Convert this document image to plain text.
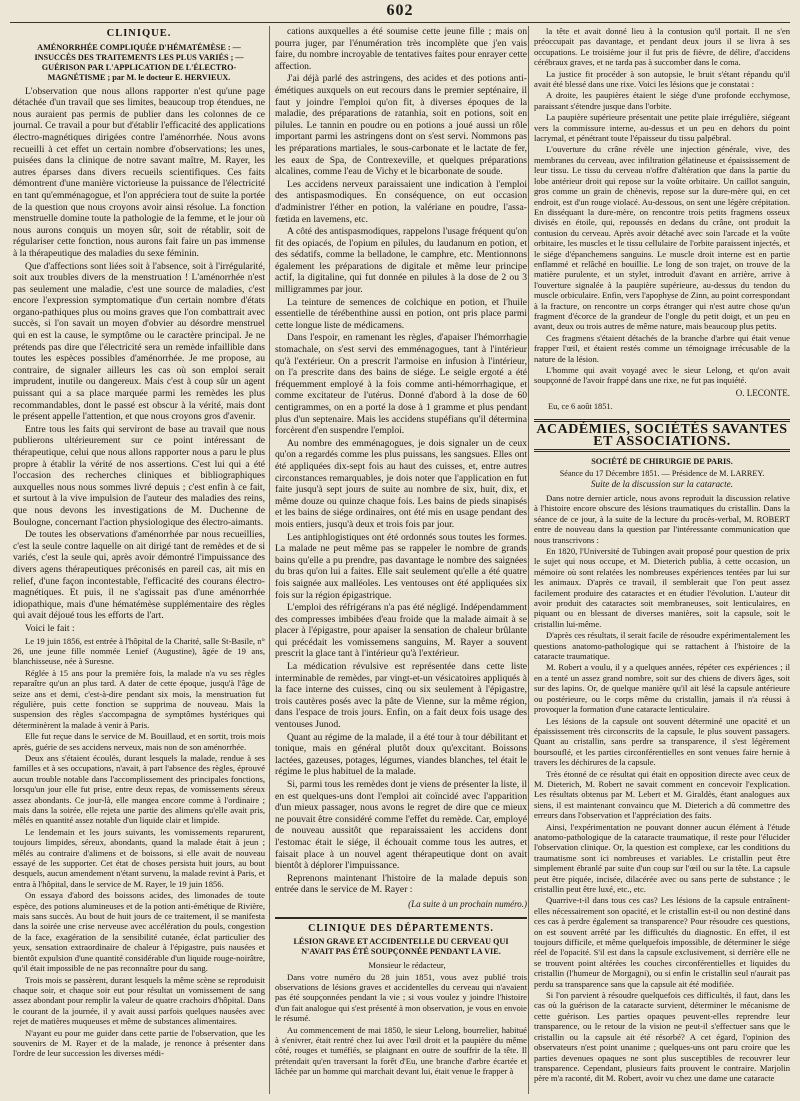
602
CLINIQUE.
AMÉNORRHÉE COMPLIQUÉE D'HÉMATÉMÈSE : — INSUCCÈS DES TRAITEMENTS LES PLUS VARIÉS ; — GUÉRISON PAR L'APPLICATION DE L'ÉLECTRO-MAGNÉTISME ; par M. le docteur E. HERVIEUX.

L'observation que nous allons rapporter n'est qu'une page détachée d'un travail que ses limites, beaucoup trop étendues, ne nous auraient pas permis de publier dans les colonnes de ce journal. Ce travail a pour but d'établir l'efficacité des applications électro-magnétiques dirigées contre l'aménorrhée. Nous avons recueilli à cet effet un certain nombre d'observations; les unes, puisées dans la clinique de notre savant maître, M. Rayer, les autres éparses dans divers recueils scientifiques. Ces faits démontrent d'une manière victorieuse la puissance de l'électricité en tant qu'emménagogue, et l'on appréciera tout de suite la portée de la question que nous croyons avoir ainsi résolue. La fonction menstruelle domine toute la pathologie de la femme, et le jour où nous aurons conquis un moyen sûr, soit de rétablir, soit de régulariser cette fonction, nous aurons fait faire un pas immense à la thérapeutique des maladies du sexe féminin.

Que d'affections sont liées soit à l'absence, soit à l'irrégularité, soit aux troubles divers de la menstruation ! L'aménorrhée n'est pas seulement une maladie, c'est une source de maladies, c'est encore l'expression symptomatique d'un certain nombre d'états organo-pathiques plus ou moins graves que l'on combattrait avec succès, si l'on savait un moyen d'obvier au désordre menstruel qui en est la cause, le symptôme ou le caractère principal. Je ne prétends pas dire que l'électricité sera un remède infaillible dans toutes les espèces possibles d'aménorrhée. Je me propose, au contraire, de signaler ailleurs les cas où son emploi serait imprudent, inutile ou dangereux. Mais c'est à coup sûr un agent puissant qui a sa place marquée parmi les remèdes les plus recommandables, dont le passé est obscur à la vérité, mais dont le présent appelle l'attention, et que nous croyons gros d'avenir.

Entre tous les faits qui serviront de base au travail que nous publierons ultérieurement sur ce point intéressant de thérapeutique, celui que nous allons rapporter nous a paru le plus propre à établir la vérité de nos assertions. C'est lui qui a été l'occasion des recherches cliniques et bibliographiques auxquelles nous nous sommes livré depuis ; c'est enfin à ce fait, et surtout à la vive impulsion de l'auteur des maladies des reins, que nous devons les investigations de M. Duchenne de Boulogne, concernant l'action physiologique des électro-aimants.

De toutes les observations d'aménorrhée par nous recueillies, c'est la seule contre laquelle on ait dirigé tant de remèdes et de si variés, c'est la seule qui, après avoir démontré l'impuissance des divers agens thérapeutiques préconisés en pareil cas, ait mis en relief, d'une façon incontestable, l'efficacité des courans électro-magnétiques. Et puis, il ne s'agissait pas d'une aménorrhée idiopathique, mais d'une hématémèse supplémentaire des règles qui avait déjoué tous les efforts de l'art.

Voici le fait :

Le 19 juin 1856, est entrée à l'hôpital de la Charité, salle St-Basile, n° 26, une jeune fille nommée Lenief (Augustine), âgée de 19 ans, blanchisseuse, née à Suresne.

Réglée à 15 ans pour la première fois, la malade n'a vu ses règles reparaître qu'un an plus tard. A dater de cette époque, jusqu'à l'âge de seize ans et demi, c'est-à-dire pendant six mois, la menstruation fut régulière, puis cette fonction se supprima de nouveau. Mais la suspension des règles s'accompagna de symptômes hystériques qui déterminèrent la malade à venir à Paris.

Elle fut reçue dans le service de M. Bouillaud, et en sortit, trois mois après, guérie de ses accidens nerveux, mais non de son aménorrhée.

Deux ans s'étaient écoulés, durant lesquels la malade, rendue à ses familles et à ses occupations, n'avait, à part l'absence des règles, éprouvé aucun trouble notable dans l'accomplissement des principales fonctions, lorsqu'un jour elle fut prise, entre deux repas, de vomissements séreux assez abondants. Ce jour-là, elle mangea encore comme à l'ordinaire ; mais dans la soirée, elle rejeta une partie des alimens qu'elle avait pris, mêlés en quantité assez notable d'un liquide clair et limpide.

Le lendemain et les jours suivants, les vomissements reparurent, toujours limpides, séreux, abondants, quand la malade était à jeun ; mêlés au contraire d'alimens et de boissons, si elle avait de nouveau essayé de les supporter. Cet état de choses persista huit jours, au bout desquels, aucun amendement n'étant survenu, la malade revint à Paris, et entra à l'hôpital, dans le service de M. Rayer, le 19 juin 1856.

On essaya d'abord des boissons acides, des limonades de toute espèce, des potions alumineuses et de la potion anti-émétique de Rivière, mais sans succès. Au bout de huit jours de ce traitement, il se manifesta dans la soirée une crise nerveuse avec accélération du pouls, congestion de la face, exagération de la sensibilité cutanée, éclat particulier des yeux, sensation extraordinaire de chaleur à l'épigastre, puis nausées et bientôt expulsion d'une quantité considérable d'un liquide rouge-noirâtre, qu'il était impossible de ne pas reconnaître pour du sang.

Trois mois se passèrent, durant lesquels la même scène se reproduisit chaque soir, et chaque soir eut pour résultat un vomissement de sang assez abondant pour remplir la valeur de quatre crachoirs d'hôpital. Dans le courant de la journée, il y avait aussi parfois quelques nausées avec rejet de matières muqueuses et même de substances alimentaires.

N'ayant eu pour me guider dans cette partie de l'observation, que les souvenirs de M. Rayer et de la malade, je renonce à présenter dans l'ordre de leur succession les diverses médi-

cations auxquelles a été soumise cette jeune fille ; mais on pourra juger, par l'énumération très incomplète que j'en vais faire, du nombre incroyable de tentatives faites pour enrayer cette affection.

J'ai déjà parlé des astringens, des acides et des potions anti-émétiques auxquels on eut recours dans le premier septénaire, il faut y joindre l'emploi qu'on fit, à diverses époques de la maladie, des préparations de ratanhia, soit en potions, soit en pilules. Le tannin en poudre ou en potions a joué aussi un rôle important parmi les astringens dont on s'est servi. Nommons pas les préparations martiales, le sous-carbonate et le lactate de fer, les eaux de Spa, de Contrexeville, et quelques préparations alcalines, comme l'eau de Vichy et le bicarbonate de soude.

Les accidens nerveux paraissaient une indication à l'emploi des antispasmodiques. En conséquence, on eut occasion d'administrer l'éther en potion, la valériane en poudre, l'assa-fœtida en lavemens, etc.

A côté des antispasmodiques, rappelons l'usage fréquent qu'on fit des opiacés, de l'opium en pilules, du laudanum en potion, et des sédatifs, comme la belladone, le camphre, etc. Mentionnons également les préparations de digitale et même leur principe actif, la digitaline, qui fut donnée en pilules à la dose de 2 ou 3 milligrammes par jour.

La teinture de semences de colchique en potion, et l'huile essentielle de térébenthine aussi en potion, ont pris place parmi cette longue liste de médicamens.

Dans l'espoir, en ramenant les règles, d'apaiser l'hémorrhagie stomachale, on s'est servi des emménagogues, tant à l'intérieur qu'à l'extérieur. On a prescrit l'armoise en infusion à l'intérieur, on l'a prescrite dans des bains de siége. Le seigle ergoté a été fréquemment employé à la fois comme anti-hémorrhagique, et comme excitateur de l'utérus. Donné d'abord à la dose de 60 centigrammes, on en a porté la dose à 1 gramme et plus pendant plus d'un septenaire. Mais les accidens stupéfians qu'il détermina forcèrent d'en suspendre l'emploi.

Au nombre des emménagogues, je dois signaler un de ceux qu'on a regardés comme les plus puissans, les sangsues. Elles ont été appliquées dix-sept fois au haut des cuisses, et, entre autres circonstances remarquables, je dois noter que l'application en fut faite jusqu'à sept jours de suite au nombre de six, huit, dix, et même douze ou quinze chaque fois. Les bains de pieds sinapisés et les bains de siége ordinaires, ont été mis en usage pendant des mois entiers, jusqu'à deux et trois fois par jour.

Les antiphlogistiques ont été ordonnés sous toutes les formes. La malade ne peut même pas se rappeler le nombre de grands bains qu'elle a pu prendre, pas davantage le nombre des saignées du bras qu'on lui a faites. Elle sait seulement qu'elle a été quatre fois saignée aux malléoles. Les ventouses ont été appliquées six fois sur la région épigastrique.

L'emploi des réfrigérans n'a pas été négligé. Indépendamment des compresses imbibées d'eau froide que la malade aimait à se placer à l'épigastre, pour apaiser la sensation de chaleur brûlante qui précédait les vomissemens sanguins, M. Rayer a souvent prescrit la glace tant à l'intérieur qu'à l'extérieur.

La médication révulsive est représentée dans cette liste interminable de remèdes, par vingt-et-un vésicatoires appliqués à la face interne des cuisses, cinq ou six seulement à l'épigastre, trois cautères posés avec la pâte de Vienne, sur la même région, dans l'espace de trois jours. Enfin, on a fait deux fois usage des ventouses Junod.

Quant au régime de la malade, il a été tour à tour débilitant et tonique, mais en général plutôt doux qu'excitant. Boissons lactées, gazeuses, potages, légumes, viandes blanches, tel était le régime le plus habituel de la malade.

Si, parmi tous les remèdes dont je viens de présenter la liste, il en est quelques-uns dont l'emploi ait coïncidé avec l'apparition d'un mieux passager, nous avons le regret de dire que ce mieux ne pouvait être considéré comme l'effet du remède. Car, employé de nouveau aussitôt que reparaissaient les accidens dont l'estomac était le siége, il échouait comme tous les autres, et faisait place à un nouvel agent thérapeutique dont on avait bientôt à déplorer l'impuissance.

Reprenons maintenant l'histoire de la malade depuis son entrée dans le service de M. Rayer :

(La suite à un prochain numéro.)
CLINIQUE DES DÉPARTEMENTS.
LÉSION GRAVE ET ACCIDENTELLE DU CERVEAU QUI N'AVAIT PAS ÉTÉ SOUPÇONNÉE PENDANT LA VIE.

Monsieur le rédacteur,

Dans votre numéro du 28 juin 1851, vous avez publié trois observations de lésions graves et accidentelles du cerveau qui n'avaient pas été soupçonnées pendant la vie ; si vous voulez y joindre l'histoire d'un fait analogue qui s'est présenté à mon observation, je vous en envoie le résumé.

Au commencement de mai 1850, le sieur Lelong, bourrelier, habitué à s'enivrer, était rentré chez lui avec l'œil droit et la paupière du même côté, rouges et tuméfiés, se plaignant en outre de souffrir de la tête. Il prétendait qu'en traversant la forêt d'Eu, une branche d'arbre écartée et lâchée par un homme qui marchait devant lui, était venue le frapper à

la tête et avait donné lieu à la contusion qu'il portait. Il ne s'en préoccupait pas davantage, et pendant deux jours il se livra à ses occupations. Le troisième jour il fut pris de fièvre, de délire, d'accidens cérébraux graves, et ne tarda pas à succomber dans le coma.

La justice fit procéder à son autopsie, le bruit s'étant répandu qu'il avait été blessé dans une rixe. Voici les lésions que je constatai :

A droite, les paupières étaient le siége d'une profonde ecchymose, paraissant s'étendre jusque dans l'orbite.

La paupière supérieure présentait une petite plaie irrégulière, siégeant vers la commissure interne, au-dessus et un peu en dehors du point lacrymal, et pénétrant toute l'épaisseur du tissu palpébral.

L'ouverture du crâne révèle une injection générale, vive, des membranes du cerveau, avec infiltration gélatineuse et épaississement de leur tissu. Le tissu du cerveau n'offre d'altération que dans la partie du lobe antérieur droit qui repose sur la voûte orbitaire. Un caillot sanguin, gros comme un grain de chènevis, repose sur la dure-mère qui, en cet endroit, est d'un rouge violacé. Au-dessous, on sent une légère crépitation. En disséquant la dure-mère, on rencontre trois petits fragmens osseux divisés en étoile, qui, repoussés en dedans du crâne, ont produit la contusion du cerveau. Après avoir détaché avec soin l'arcade et la voûte orbitaire, les muscles et le tissu cellulaire de l'orbite paraissent injectés, et le siége d'épanchemens sanguins. Le muscle droit interne est en partie enflammé et relâché en bouillie. Le long de son trajet, on trouve de la matière purulente, et un stylet, introduit d'avant en arrière, arrive à l'ouverture signalée à la paupière supérieure, au-dessus du tendon du muscle orbiculaire. Enfin, vers l'apophyse de Zinn, au point correspondant à la fracture, on rencontre un corps étranger qui n'est autre chose qu'un fragment d'écorce de la grandeur de l'ongle du petit doigt, et un peu en avant, deux ou trois autres de même nature, mais beaucoup plus petits.

Ces fragmens s'étaient détachés de la branche d'arbre qui était venue frapper l'œil, et étaient restés comme un témoignage irrécusable de la nature de la lésion.

L'homme qui avait voyagé avec le sieur Lelong, et qu'on avait soupçonné de l'avoir frappé dans une rixe, ne fut pas inquiété.

O. LECONTE.
Eu, ce 6 août 1851.
ACADÉMIES, SOCIÉTÉS SAVANTES ET ASSOCIATIONS.
SOCIÉTÉ DE CHIRURGIE DE PARIS.
Séance du 17 Décembre 1851. — Présidence de M. LARREY.
Suite de la discussion sur la cataracte.

Dans notre dernier article, nous avons reproduit la discussion relative à l'histoire encore obscure des lésions traumatiques du cristallin. Dans la séance de ce jour, à la suite de la lecture du procès-verbal, M. ROBERT entre de nouveau dans la question par l'intéressante communication que nous transcrivons :

En 1820, l'Université de Tubingen avait proposé pour question de prix le sujet qui nous occupe, et M. Dieterich publia, à cette occasion, un mémoire où sont relatées les nombreuses expériences tentées par lui sur les animaux. D'après ce travail, il semblerait que l'on peut assez facilement produire des cataractes et en étudier l'évolution. L'auteur dit avoir produit des cataractes soit membraneuses, soit lenticulaires, en piquant ou en blessant de diverses manières, soit la capsule, soit le cristallin lui-même.

D'après ces résultats, il serait facile de résoudre expérimentalement les questions anatomo-pathologique qui se rattachent à l'histoire de la cataracte traumatique.

M. Robert a voulu, il y a quelques années, répéter ces expériences ; il en a tenté un assez grand nombre, soit sur des chiens de divers âges, soit sur des lapins. Or, de quelque manière qu'il ait lésé la capsule antérieure ou postérieure, ou le corps même du cristallin, jamais il n'a réussi à provoquer la formation d'une cataracte lenticulaire.

Les lésions de la capsule ont souvent déterminé une opacité et un épaississement très circonscrits de la capsule, le plus souvent passagers. Quant au cristallin, sans perdre sa transparence, il s'est légèrement boursouflé, et les parties circonférentielles en sont venues faire hernie à travers les déchirures de la capsule.

Très étonné de ce résultat qui était en opposition directe avec ceux de M. Dieterich, M. Robert ne savait comment en concevoir l'explication. Les résultats obtenus par M. Lebert et M. Giraldès, étant analogues aux siens, il est maintenant convaincu que M. Dieterich a dû commettre des erreurs dans l'observation et l'appréciation des faits.

Ainsi, l'expérimentation ne pouvant donner aucun élément à l'étude anatomo-pathologique de la cataracte traumatique, il reste pour l'élucider l'observation clinique. Or, la question est complexe, car les conditions du traumatisme sont ici nombreuses et variables. Le cristallin peut être simplement ébranlé par suite d'un coup sur l'œil ou sur la tête. La capsule peut être piquée, incisée, dilacérée avec ou sans perte de substance ; le cristallin peut être luxé, etc., etc.

Quarrive-t-il dans tous ces cas? Les lésions de la capsule entraînent-elles nécessairement son opacité, et le cristallin est-il ou non destiné dans ces cas à perdre également sa transparence? Pour résoudre ces questions, on est souvent arrêté par les difficultés du diagnostic. En effet, il est toujours difficile, et même quelquefois impossible, de déterminer le siége réel de l'opacité. S'il est dans la capsule exclusivement, si derrière elle ne se trouvent point altérées les couches circonférentielles et liquides du cristallin (l'humeur de Morgagni), ou si enfin le cristallin seul n'aurait pas perdu sa transparence sans que la capsule ait été modifiée.

Si l'on parvient à résoudre quelquefois ces difficultés, il faut, dans les cas où la guérison de la cataracte survient, déterminer le mécanisme de cette guérison. Les parties opaques peuvent-elles reprendre leur transparence, ou le retour de la vision ne peut-il s'effectuer sans que le cristallin ou la capsule ait été résorbé? A cet égard, l'opinion des observateurs n'est point unanime ; quelques-uns ont paru croire que les parties devenues opaques ne sont plus susceptibles de recouvrer leur transparence. Cependant, plusieurs faits prouvent le contraire. Marjolin père m'a raconté, dit M. Robert, avoir vu chez une dame une cataracte
